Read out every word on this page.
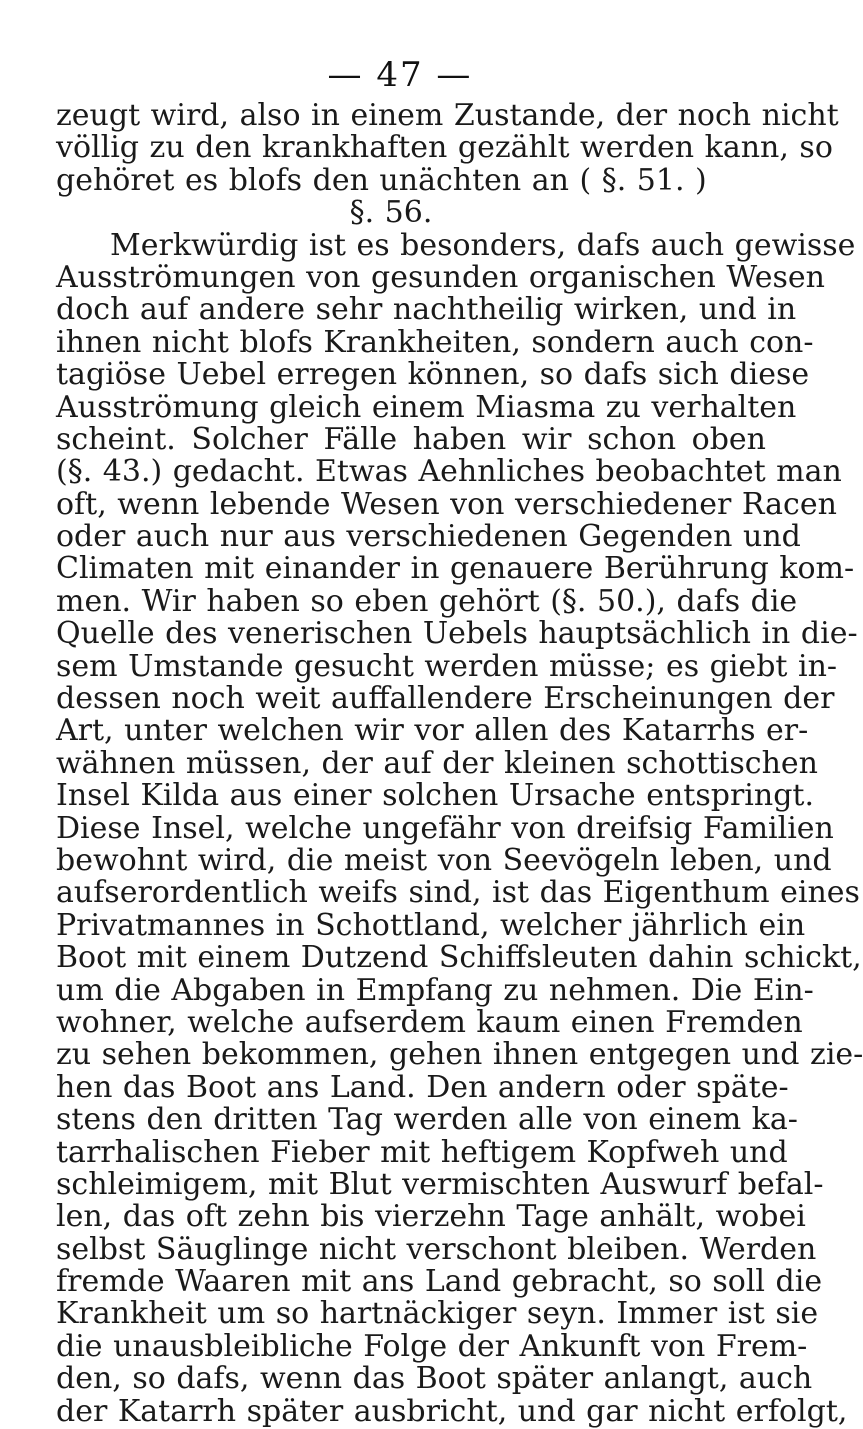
— 47 —
zeugt wird, also in einem Zustande, der noch nicht
völlig zu den krankhaften gezählt werden kann, so
gehöret es blofs den unächten an ( §. 51. )
§. 56.
Merkwürdig ist es besonders, dafs auch gewisse
Ausströmungen von gesunden organischen Wesen
doch auf andere sehr nachtheilig wirken, und in
ihnen nicht blofs Krankheiten, sondern auch con-
tagiöse Uebel erregen können, so dafs sich diese
Ausströmung gleich einem Miasma zu verhalten
scheint. Solcher Fälle haben wir schon oben
(§. 43.) gedacht. Etwas Aehnliches beobachtet man
oft, wenn lebende Wesen von verschiedener Racen
oder auch nur aus verschiedenen Gegenden und
Climaten mit einander in genauere Berührung kom-
men. Wir haben so eben gehört (§. 50.), dafs die
Quelle des venerischen Uebels hauptsächlich in die-
sem Umstande gesucht werden müsse; es giebt in-
dessen noch weit auffallendere Erscheinungen der
Art, unter welchen wir vor allen des Katarrhs er-
wähnen müssen, der auf der kleinen schottischen
Insel Kilda aus einer solchen Ursache entspringt.
Diese Insel, welche ungefähr von dreifsig Familien
bewohnt wird, die meist von Seevögeln leben, und
aufserordentlich weifs sind, ist das Eigenthum eines
Privatmannes in Schottland, welcher jährlich ein
Boot mit einem Dutzend Schiffsleuten dahin schickt,
um die Abgaben in Empfang zu nehmen. Die Ein-
wohner, welche aufserdem kaum einen Fremden
zu sehen bekommen, gehen ihnen entgegen und zie-
hen das Boot ans Land. Den andern oder späte-
stens den dritten Tag werden alle von einem ka-
tarrhalischen Fieber mit heftigem Kopfweh und
schleimigem, mit Blut vermischten Auswurf befal-
len, das oft zehn bis vierzehn Tage anhält, wobei
selbst Säuglinge nicht verschont bleiben. Werden
fremde Waaren mit ans Land gebracht, so soll die
Krankheit um so hartnäckiger seyn. Immer ist sie
die unausbleibliche Folge der Ankunft von Frem-
den, so dafs, wenn das Boot später anlangt, auch
der Katarrh später ausbricht, und gar nicht erfolgt,
